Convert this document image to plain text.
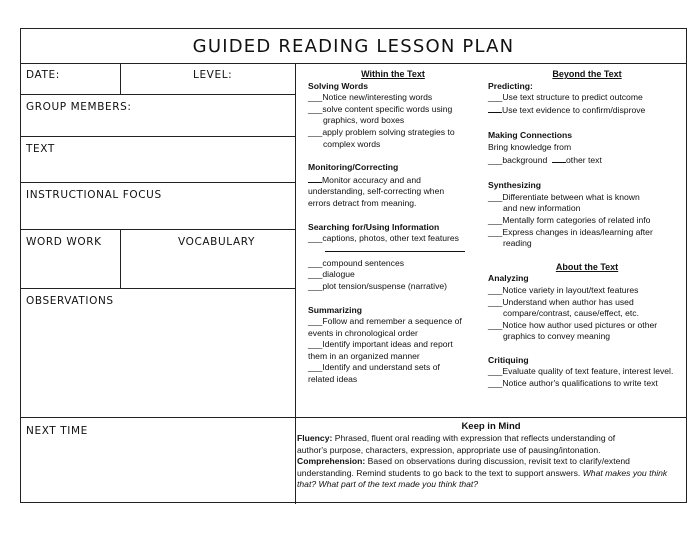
GUIDED READING LESSON PLAN
DATE:	LEVEL:
GROUP MEMBERS:
TEXT
INSTRUCTIONAL FOCUS
WORD WORK	VOCABULARY
OBSERVATIONS
NEXT TIME
Within the Text
Solving Words
___Notice new/interesting words
___solve content specific words using
graphics, word boxes
___apply problem solving strategies to
complex words
Monitoring/Correcting
Monitor accuracy and and
understanding, self-correcting when
errors detract from meaning.
Searching for/Using Information
___captions, photos, other text features
___compound sentences
___dialogue
___plot tension/suspense (narrative)
Summarizing
___Follow and remember a sequence of
events in chronological order
___Identify important ideas and report
them in an organized manner
___Identify and understand sets of
related ideas
Beyond the Text
Predicting:
___Use text structure to predict outcome
Use text evidence to confirm/disprove
Making Connections
Bring knowledge from
___background other text
Synthesizing
___Differentiate between what is known
and new information
___Mentally form categories of related info
___Express changes in ideas/learning after
reading
About the Text
Analyzing
___Notice variety in layout/text features
___Understand when author has used
compare/contrast, cause/effect, etc.
___Notice how author used pictures or other
graphics to convey meaning
Critiquing
___Evaluate quality of text feature, interest level.
___Notice author's qualifications to write text
Keep in Mind
Fluency: Phrased, fluent oral reading with expression that reflects understanding of
author's purpose, characters, expression, appropriate use of pausing/intonation.
Comprehension: Based on observations during discussion, revisit text to clarify/extend
understanding. Remind students to go back to the text to support answers. What makes you think
that? What part of the text made you think that?
